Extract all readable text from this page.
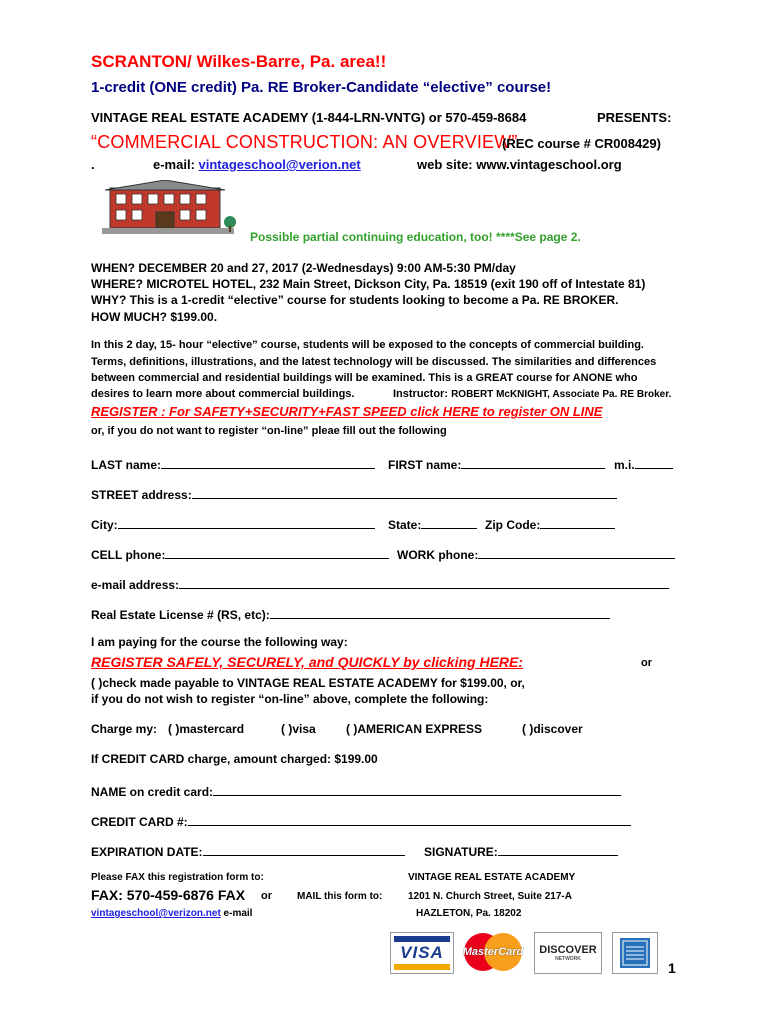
SCRANTON/ Wilkes-Barre, Pa. area!!
1-credit (ONE credit) Pa. RE Broker-Candidate “elective” course!
VINTAGE REAL ESTATE ACADEMY (1-844-LRN-VNTG) or 570-459-8684	PRESENTS:
“COMMERCIAL CONSTRUCTION: AN OVERVIEW”
(REC course # CR008429)
.	e-mail: vintageschool@verion.net	web site: www.vintageschool.org
Possible partial continuing education, too! ****See page 2.
WHEN? DECEMBER 20 and 27, 2017 (2-Wednesdays) 9:00 AM-5:30 PM/day
WHERE? MICROTEL HOTEL, 232 Main Street, Dickson City, Pa. 18519 (exit 190 off of Intestate 81)
WHY? This is a 1-credit “elective” course for students looking to become a Pa. RE BROKER.
HOW MUCH? $199.00.
In this 2 day, 15- hour “elective” course, students will be exposed to the concepts of commercial building.
Terms, definitions, illustrations, and the latest technology will be discussed. The similarities and differences
between commercial and residential buildings will be examined. This is a GREAT course for ANONE who
desires to learn more about commercial buildings.	Instructor: ROBERT McKNIGHT, Associate Pa. RE Broker.
REGISTER : For SAFETY+SECURITY+FAST SPEED click HERE to register ON LINE
or, if you do not want to register “on-line” pleae fill out the following
LAST name:	FIRST name:	m.i.
STREET address:
City:	State:	Zip Code:
CELL phone:	WORK phone:
e-mail address:
Real Estate License # (RS, etc):
I am paying for the course the following way:
REGISTER SAFELY, SECURELY, and QUICKLY by clicking HERE:	or
( )check made payable to VINTAGE REAL ESTATE ACADEMY for $199.00, or,
if you do not wish to register “on-line” above, complete the following:
Charge my: ( )mastercard	( )visa	( )AMERICAN EXPRESS	( )discover
If CREDIT CARD charge, amount charged: $199.00
NAME on credit card:
CREDIT CARD #:
EXPIRATION DATE:	SIGNATURE:
Please FAX this registration form to:
FAX: 570-459-6876 FAX or	MAIL this form to:
vintageschool@verizon.net e-mail
VINTAGE REAL ESTATE ACADEMY
1201 N. Church Street, Suite 217-A
HAZLETON, Pa. 18202
VISA MasterCard DISCOVER
NETWORK
1
